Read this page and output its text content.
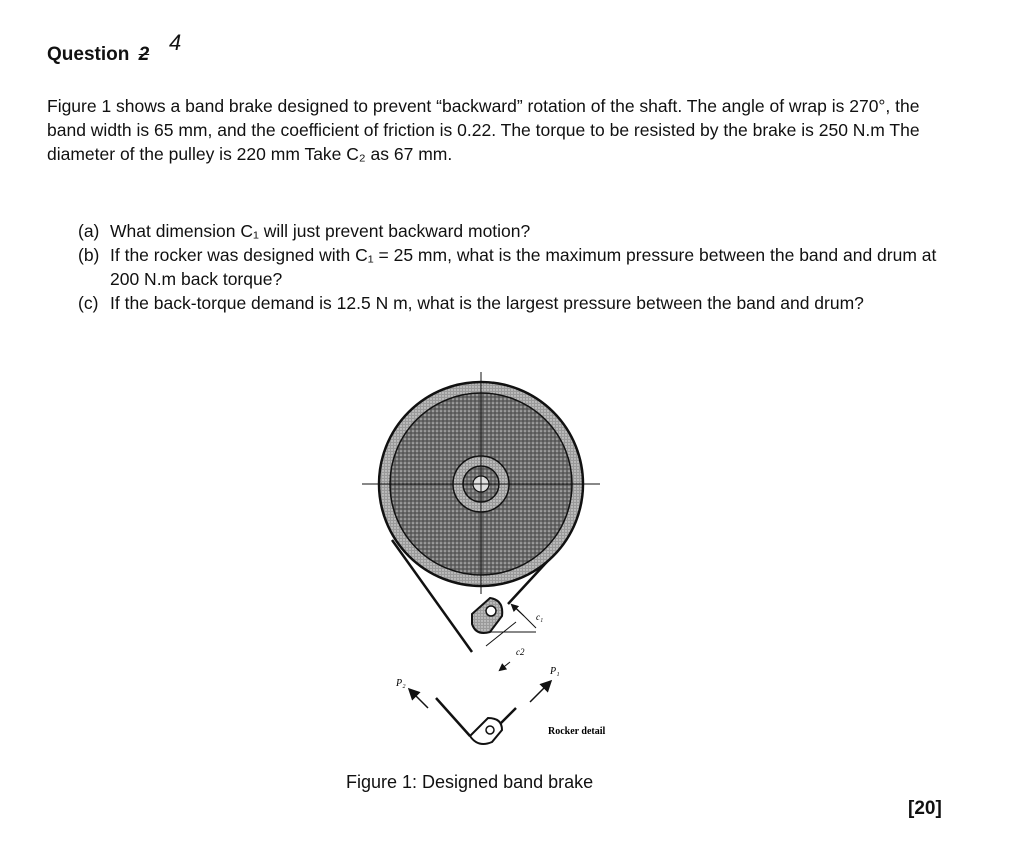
Question 2 4

Figure 1 shows a band brake designed to prevent “backward” rotation of the shaft. The angle of wrap is 270°, the band width is 65 mm, and the coefficient of friction is 0.22. The torque to be resisted by the brake is 250 N.m The diameter of the pulley is 220 mm Take C₂ as 67 mm.

(a) What dimension C₁ will just prevent backward motion?
(b) If the rocker was designed with C₁ = 25 mm, what is the maximum pressure between the band and drum at 200 N.m back torque?
(c) If the back-torque demand is 12.5 N m, what is the largest pressure between the band and drum?
c₁
c2
P₂
P₁
Rocker detail
Figure 1: Designed band brake
[20]
